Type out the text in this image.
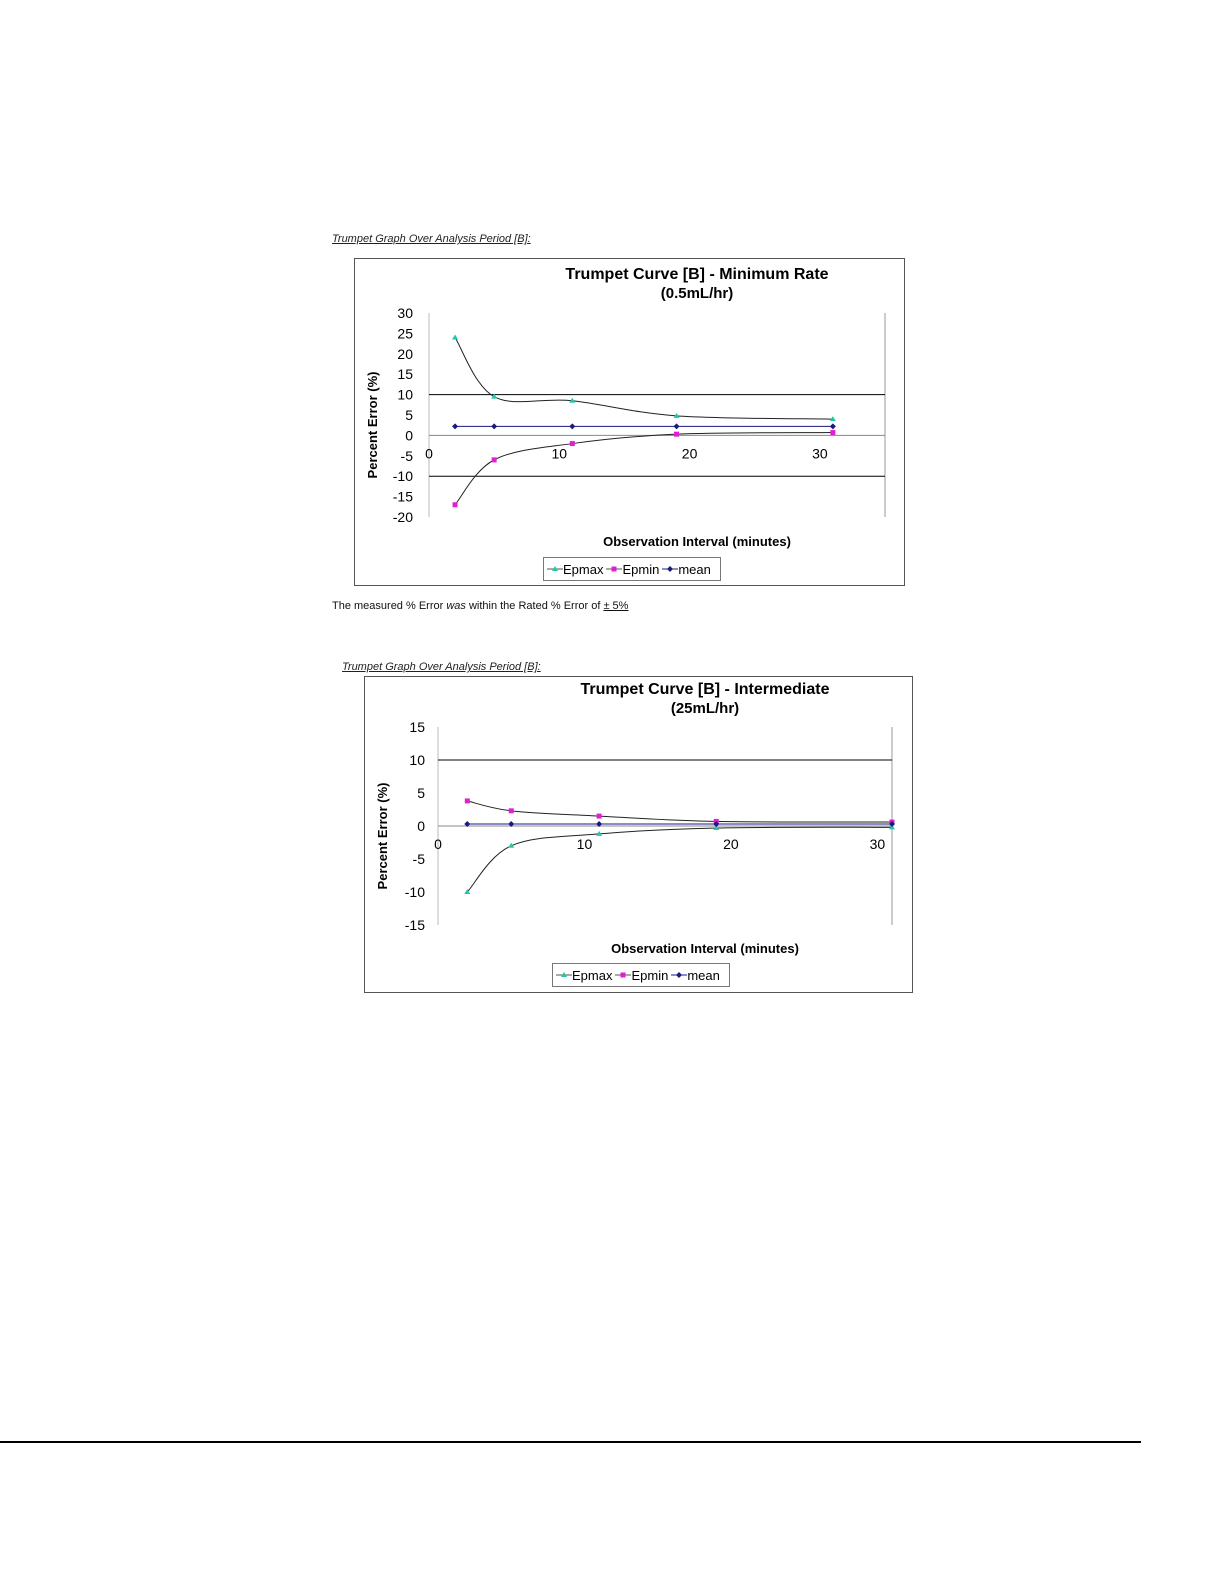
Trumpet Graph Over Analysis Period [B]:
Trumpet Curve [B] - Minimum Rate
(0.5mL/hr)
30
25
20
15
10
5
0
-5
-10
-15
-20
0	10	20	30
Observation Interval (minutes)
Percent Error (%)
Epmax Epmin mean
The measured % Error was within the Rated % Error of ± 5%
Trumpet Graph Over Analysis Period [B]:
Trumpet Curve [B] - Intermediate
(25mL/hr)
15
10
5
0
-5
-10
-15
0	10	20	30
Observation Interval (minutes)
Percent Error (%)
Epmax Epmin mean
